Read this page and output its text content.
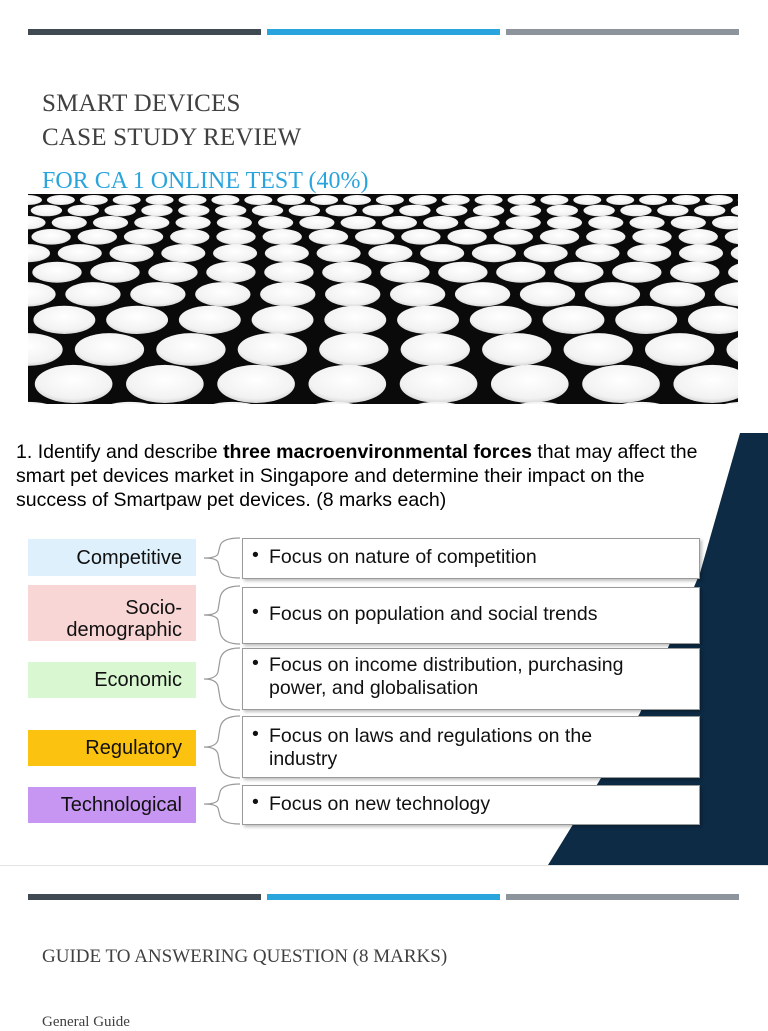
SMART DEVICES
CASE STUDY REVIEW
FOR CA 1 ONLINE TEST (40%)
1. Identify and describe three macroenvironmental forces that may affect the smart pet devices market in Singapore and determine their impact on the success of Smartpaw pet devices. (8 marks each)
Competitive
Socio-
demographic
Economic
Regulatory
Technological
• Focus on nature of competition
• Focus on population and social trends
• Focus on income distribution, purchasing
power, and globalisation
• Focus on laws and regulations on the
industry
• Focus on new technology
GUIDE TO ANSWERING QUESTION (8 MARKS)
General Guide
